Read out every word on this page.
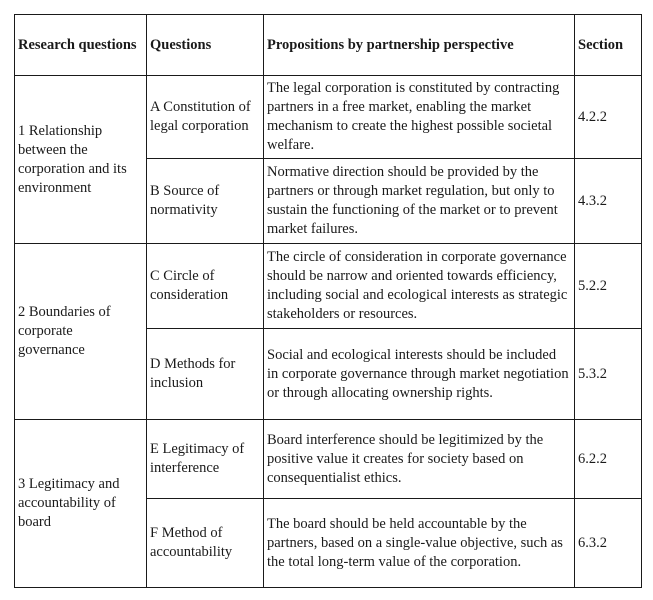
Research questions	Questions	Propositions by partnership perspective	Section
1 Relationship between the corporation and its environment	A Constitution of legal corporation	The legal corporation is constituted by contracting partners in a free market, enabling the market mechanism to create the highest possible societal welfare.	4.2.2
	B Source of normativity	Normative direction should be provided by the partners or through market regulation, but only to sustain the functioning of the market or to prevent market failures.	4.3.2
2 Boundaries of corporate governance	C Circle of consideration	The circle of consideration in corporate governance should be narrow and oriented towards efficiency, including social and ecological interests as strategic stakeholders or resources.	5.2.2
	D Methods for inclusion	Social and ecological interests should be included in corporate governance through market negotiation or through allocating ownership rights.	5.3.2
3 Legitimacy and accountability of board	E Legitimacy of interference	Board interference should be legitimized by the positive value it creates for society based on consequentialist ethics.	6.2.2
	F Method of accountability	The board should be held accountable by the partners, based on a single-value objective, such as the total long-term value of the corporation.	6.3.2
